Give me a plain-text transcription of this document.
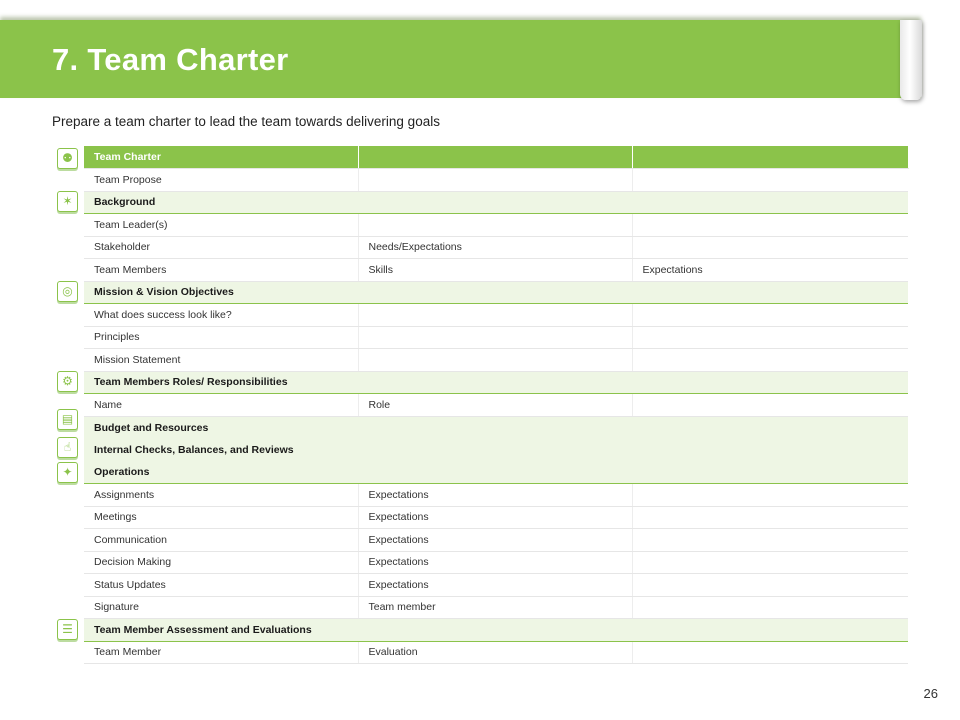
7. Team Charter
Prepare a team charter to lead the team towards delivering goals
Team Charter		
Team Propose		
Background		
Team Leader(s)		
Stakeholder	Needs/Expectations	
Team Members	Skills	Expectations
Mission & Vision Objectives		
What does success look like?		
Principles		
Mission Statement		
Team Members Roles/ Responsibilities		
Name	Role	
Budget and Resources		
Internal Checks, Balances, and Reviews		
Operations		
Assignments	Expectations	
Meetings	Expectations	
Communication	Expectations	
Decision Making	Expectations	
Status Updates	Expectations	
Signature	Team member	
Team Member Assessment and Evaluations		
Team Member	Evaluation	
⚉
✶
◎
⚙
▤
☝
✦
☰
26
